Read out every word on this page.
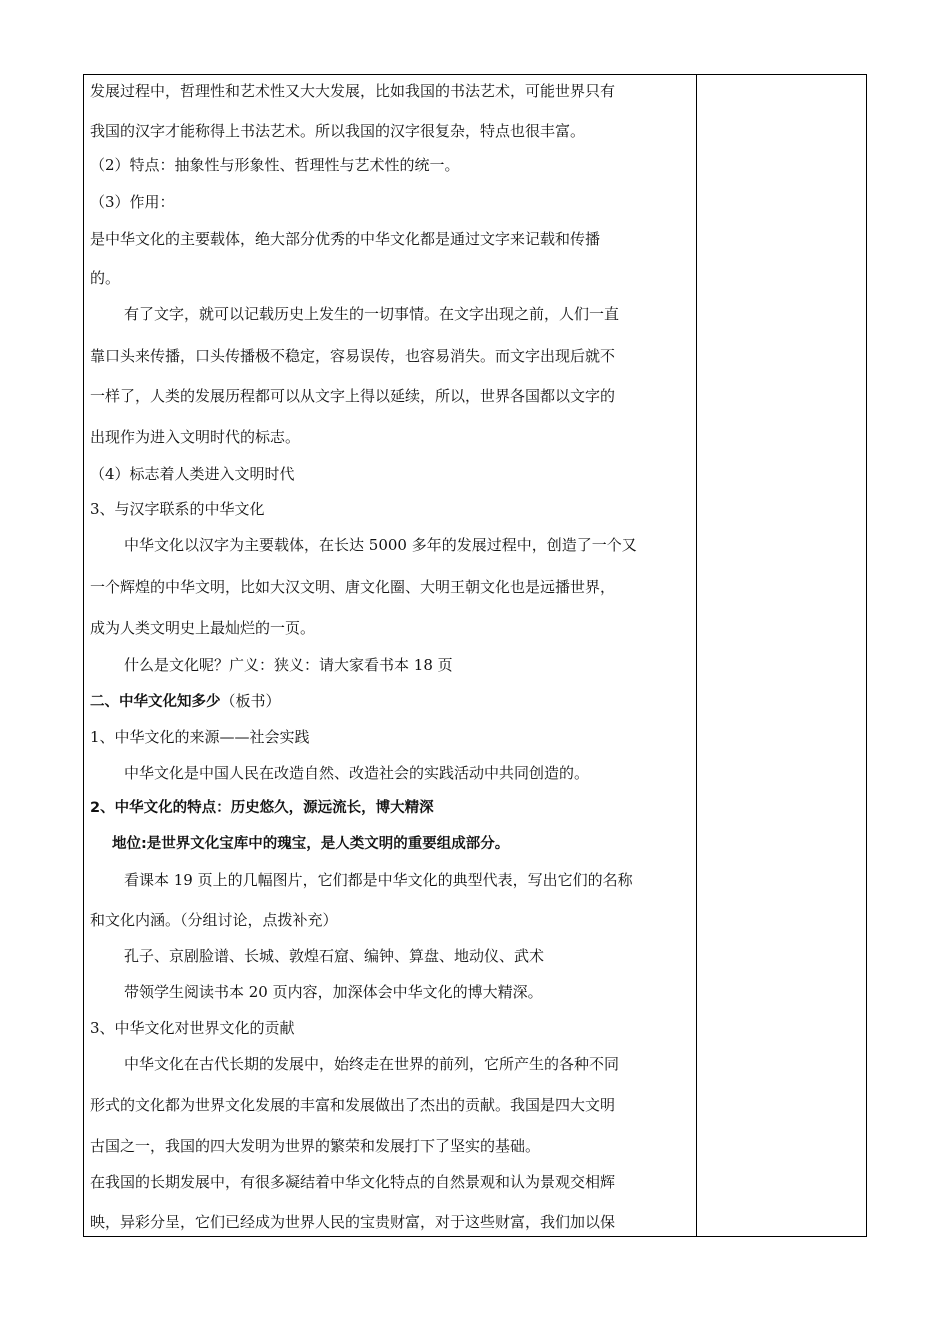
发展过程中，哲理性和艺术性又大大发展，比如我国的书法艺术，可能世界只有
我国的汉字才能称得上书法艺术。所以我国的汉字很复杂，特点也很丰富。
（2）特点：抽象性与形象性、哲理性与艺术性的统一。
（3）作用：
是中华文化的主要载体，绝大部分优秀的中华文化都是通过文字来记载和传播
的。
有了文字，就可以记载历史上发生的一切事情。在文字出现之前，人们一直
靠口头来传播，口头传播极不稳定，容易误传，也容易消失。而文字出现后就不
一样了，人类的发展历程都可以从文字上得以延续，所以，世界各国都以文字的
出现作为进入文明时代的标志。
（4）标志着人类进入文明时代
3、与汉字联系的中华文化
中华文化以汉字为主要载体，在长达 5000 多年的发展过程中，创造了一个又
一个辉煌的中华文明，比如大汉文明、唐文化圈、大明王朝文化也是远播世界，
成为人类文明史上最灿烂的一页。
什么是文化呢？广义：狭义：请大家看书本 18 页
二、中华文化知多少（板书）
1、中华文化的来源——社会实践
中华文化是中国人民在改造自然、改造社会的实践活动中共同创造的。
2、中华文化的特点：历史悠久，源远流长，博大精深
地位:是世界文化宝库中的瑰宝，是人类文明的重要组成部分。
看课本 19 页上的几幅图片，它们都是中华文化的典型代表，写出它们的名称
和文化内涵。（分组讨论，点拨补充）
孔子、京剧脸谱、长城、敦煌石窟、编钟、算盘、地动仪、武术
带领学生阅读书本 20 页内容，加深体会中华文化的博大精深。
3、中华文化对世界文化的贡献
中华文化在古代长期的发展中，始终走在世界的前列，它所产生的各种不同
形式的文化都为世界文化发展的丰富和发展做出了杰出的贡献。我国是四大文明
古国之一，我国的四大发明为世界的繁荣和发展打下了坚实的基础。
在我国的长期发展中，有很多凝结着中华文化特点的自然景观和认为景观交相辉
映，异彩分呈，它们已经成为世界人民的宝贵财富，对于这些财富，我们加以保
